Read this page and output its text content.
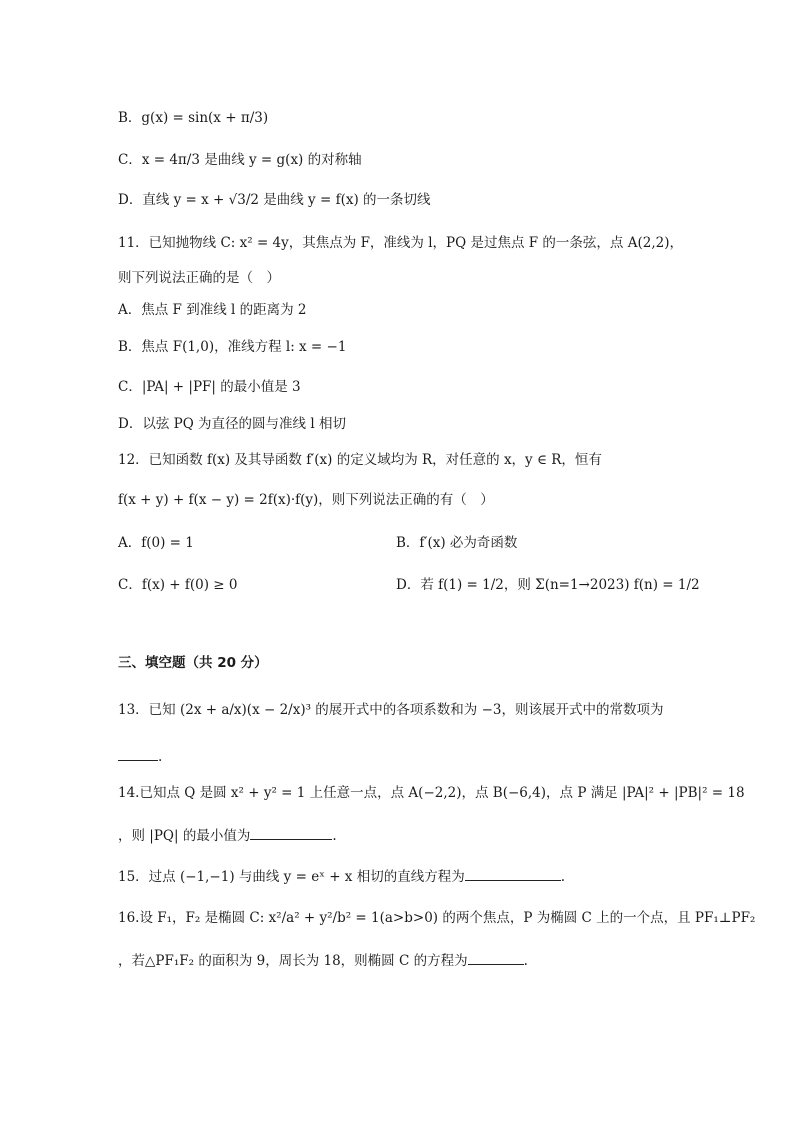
B．g(x) = sin(x + π/3)
C．x = 4π/3 是曲线 y = g(x) 的对称轴
D．直线 y = x + √3/2 是曲线 y = f(x) 的一条切线
11．已知抛物线 C: x² = 4y，其焦点为 F，准线为 l，PQ 是过焦点 F 的一条弦，点 A(2,2)，
则下列说法正确的是（　）
A．焦点 F 到准线 l 的距离为 2
B．焦点 F(1,0)，准线方程 l: x = −1
C．|PA| + |PF| 的最小值是 3
D．以弦 PQ 为直径的圆与准线 l 相切
12．已知函数 f(x) 及其导函数 f′(x) 的定义域均为 R，对任意的 x，y ∈ R，恒有
f(x + y) + f(x − y) = 2f(x)·f(y)，则下列说法正确的有（　）
A．f(0) = 1	B．f′(x) 必为奇函数
C．f(x) + f(0) ≥ 0	D．若 f(1) = 1/2，则 Σ(n=1→2023) f(n) = 1/2
三、填空题（共 20 分）
13．已知 (2x + a/x)(x − 2/x)³ 的展开式中的各项系数和为 −3，则该展开式中的常数项为
.
14.已知点 Q 是圆 x² + y² = 1 上任意一点，点 A(−2,2)，点 B(−6,4)，点 P 满足 |PA|² + |PB|² = 18
，则 |PQ| 的最小值为	.
15．过点 (−1,−1) 与曲线 y = eˣ + x 相切的直线方程为	.
16.设 F₁，F₂ 是椭圆 C: x²/a² + y²/b² = 1(a>b>0) 的两个焦点，P 为椭圆 C 上的一个点，且 PF₁⊥PF₂
，若△PF₁F₂ 的面积为 9，周长为 18，则椭圆 C 的方程为	.
